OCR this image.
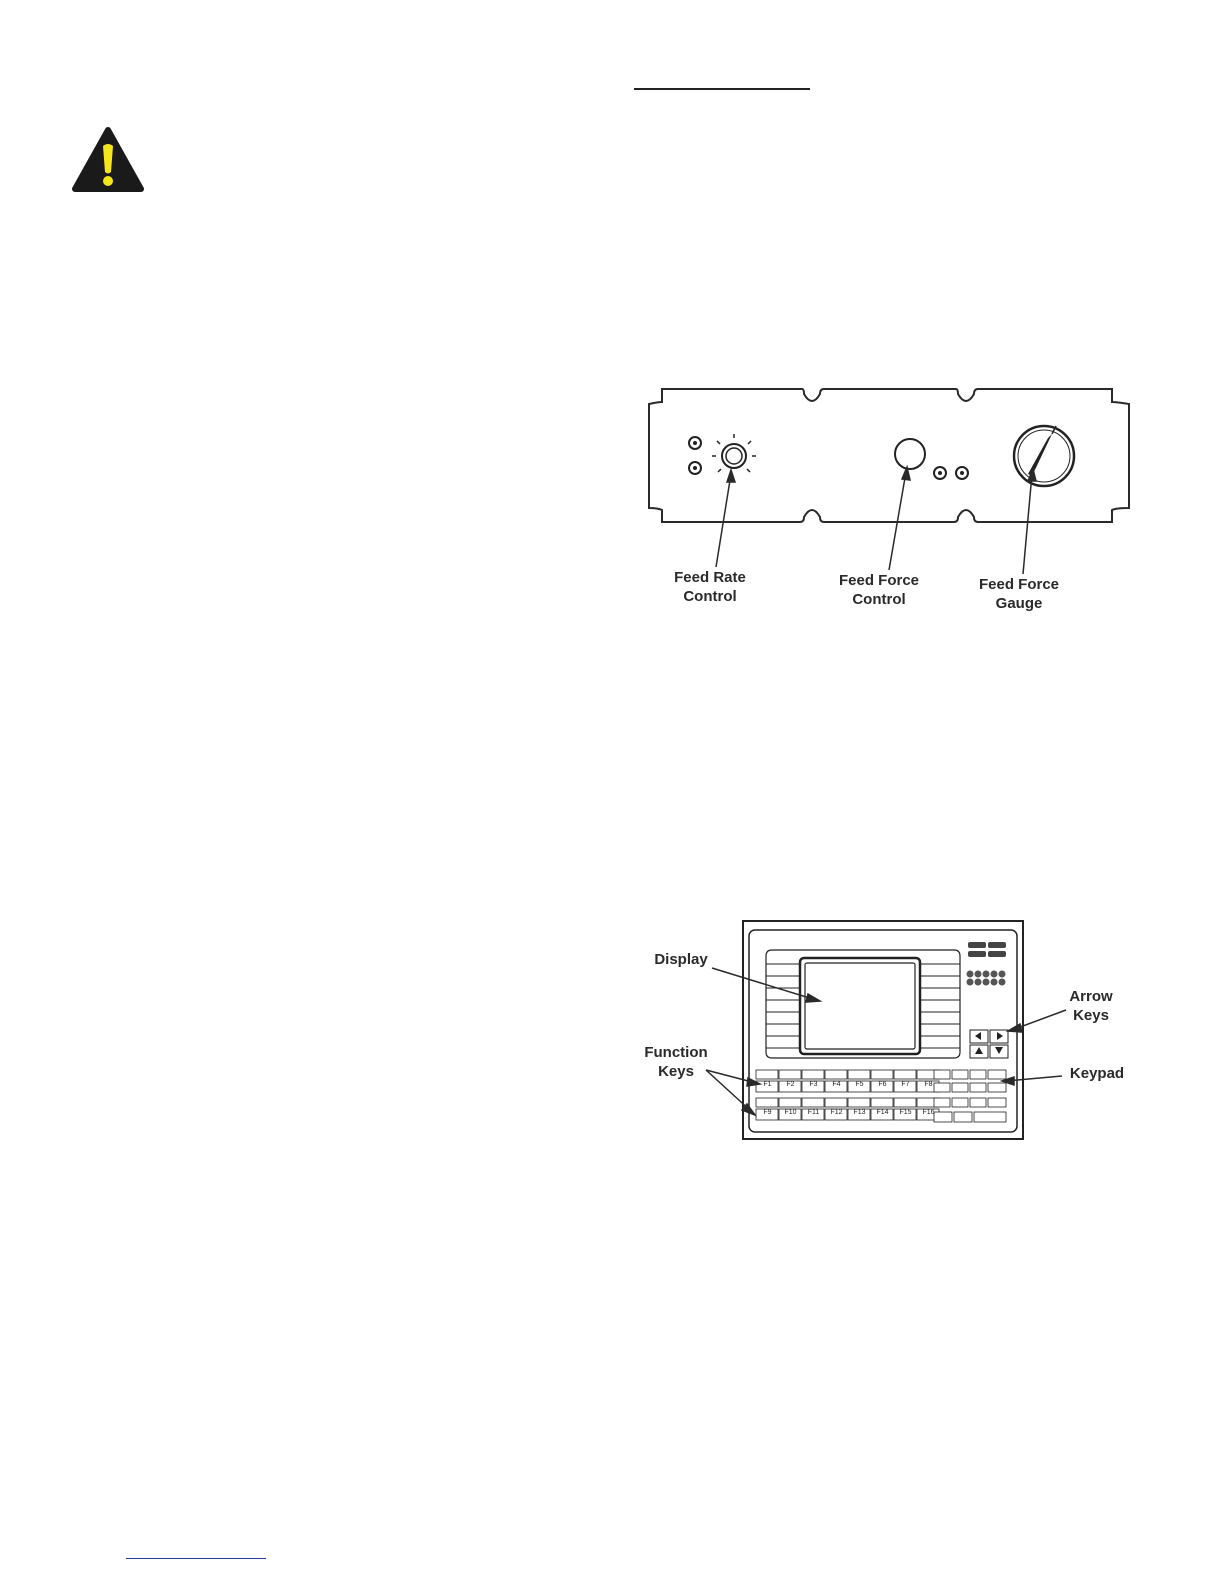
Feed Rate
Control
Feed Force
Control
Feed Force
Gauge
F1	F2	F3	F4	F5	F6	F7	F8
F9	F10	F11	F12	F13	F14	F15	F16
Display
Arrow
Keys
Function
Keys	Keypad
